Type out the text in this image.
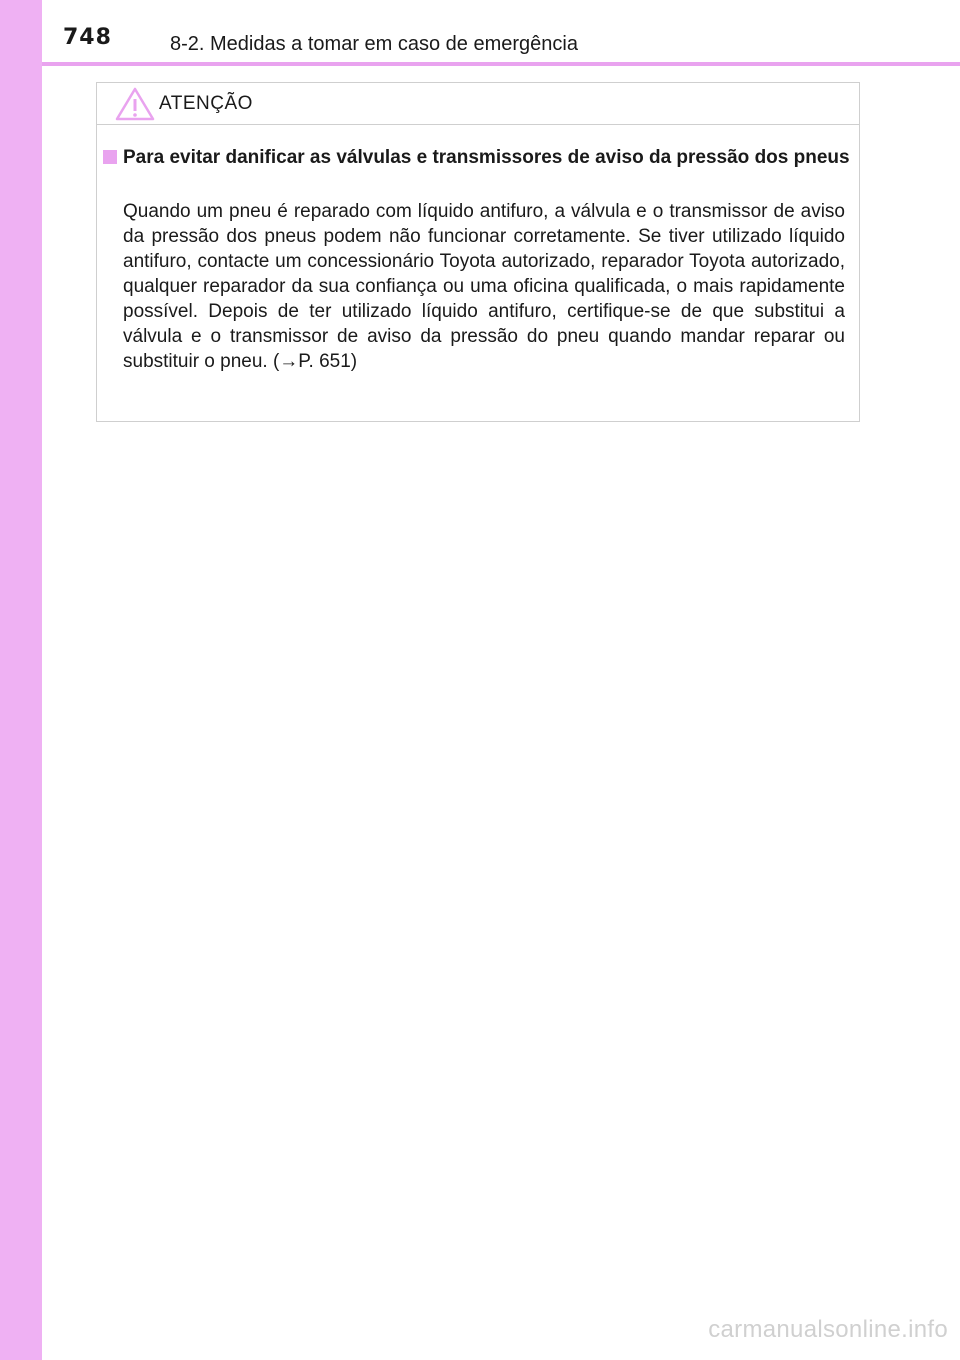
748	8-2. Medidas a tomar em caso de emergência
ATENÇÃO
Para evitar danificar as válvulas e transmissores de aviso da pressão dos pneus
Quando um pneu é reparado com líquido antifuro, a válvula e o transmissor de aviso da pressão dos pneus podem não funcionar corretamente. Se tiver utilizado líquido antifuro, contacte um concessionário Toyota autorizado, reparador Toyota autorizado, qualquer reparador da sua confiança ou uma oficina qualificada, o mais rapidamente possível. Depois de ter utilizado líquido antifuro, certifique-se de que substitui a válvula e o transmissor de aviso da pressão do pneu quando mandar reparar ou substituir o pneu. (→P. 651)
carmanualsonline.info
